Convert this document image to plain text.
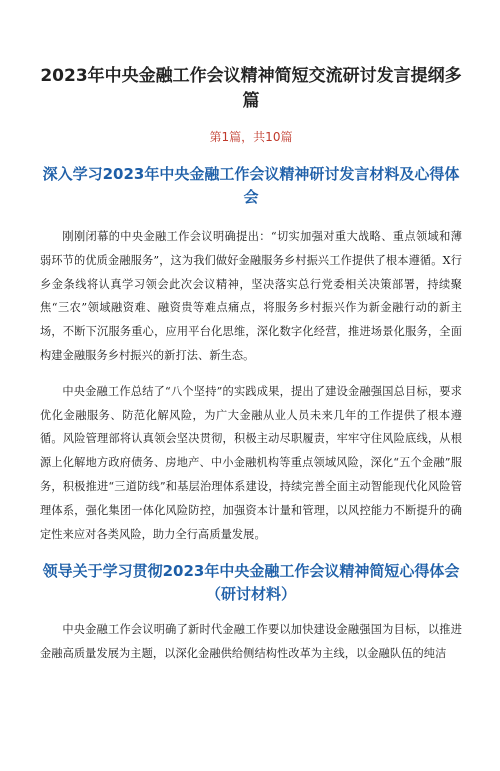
2023年中央金融工作会议精神简短交流研讨发言提纲多篇
第1篇，共10篇
深入学习2023年中央金融工作会议精神研讨发言材料及心得体会

刚刚闭幕的中央金融工作会议明确提出：“切实加强对重大战略、重点领域和薄弱环节的优质金融服务”，这为我们做好金融服务乡村振兴工作提供了根本遵循。X行乡金条线将认真学习领会此次会议精神，坚决落实总行党委相关决策部署，持续聚焦“三农”领域融资难、融资贵等难点痛点，将服务乡村振兴作为新金融行动的新主场，不断下沉服务重心，应用平台化思维，深化数字化经营，推进场景化服务，全面构建金融服务乡村振兴的新打法、新生态。

中央金融工作总结了“八个坚持”的实践成果，提出了建设金融强国总目标，要求优化金融服务、防范化解风险，为广大金融从业人员未来几年的工作提供了根本遵循。风险管理部将认真领会坚决贯彻，积极主动尽职履责，牢牢守住风险底线，从根源上化解地方政府债务、房地产、中小金融机构等重点领域风险，深化“五个金融”服务，积极推进“三道防线”和基层治理体系建设，持续完善全面主动智能现代化风险管理体系，强化集团一体化风险防控，加强资本计量和管理，以风控能力不断提升的确定性来应对各类风险，助力全行高质量发展。

领导关于学习贯彻2023年中央金融工作会议精神简短心得体会（研讨材料）

中央金融工作会议明确了新时代金融工作要以加快建设金融强国为目标，以推进金融高质量发展为主题，以深化金融供给侧结构性改革为主线，以金融队伍的纯洁
